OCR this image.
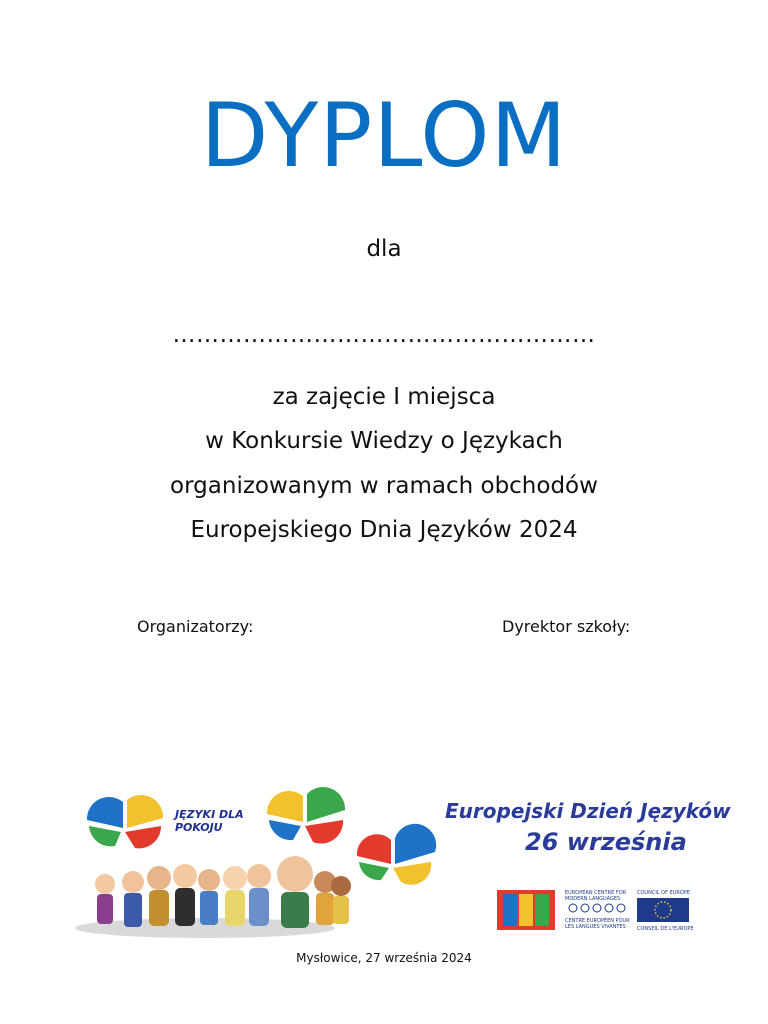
DYPLOM
dla
………………………………………………
za zajęcie I miejsca
w Konkursie Wiedzy o Językach
organizowanym w ramach obchodów
Europejskiego Dnia Języków 2024
Organizatorzy:	Dyrektor szkoły:
JĘZYKI DLA
POKOJU
Europejski Dzień Języków
26 września
EUROPEAN CENTRE FOR
MODERN LANGUAGES
CENTRE EUROPÉEN POUR
LES LANGUES VIVANTES
COUNCIL OF EUROPE
CONSEIL DE L'EUROPE
Mysłowice, 27 września 2024
